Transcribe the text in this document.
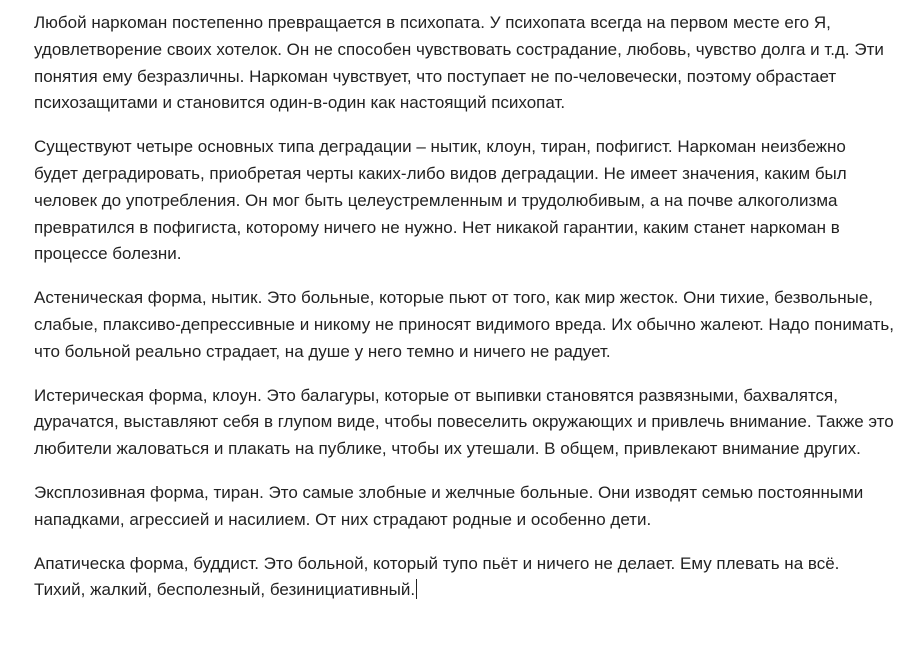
Любой наркоман постепенно превращается в психопата. У психопата всегда на первом месте его Я, удовлетворение своих хотелок. Он не способен чувствовать сострадание, любовь, чувство долга и т.д. Эти понятия ему безразличны. Наркоман чувствует, что поступает не по-человечески, поэтому обрастает психозащитами и становится один-в-один как настоящий психопат.

Существуют четыре основных типа деградации – нытик, клоун, тиран, пофигист. Наркоман неизбежно будет деградировать, приобретая черты каких-либо видов деградации. Не имеет значения, каким был человек до употребления. Он мог быть целеустремленным и трудолюбивым, а на почве алкоголизма превратился в пофигиста, которому ничего не нужно. Нет никакой гарантии, каким станет наркоман в процессе болезни.

Астеническая форма, нытик. Это больные, которые пьют от того, как мир жесток. Они тихие, безвольные, слабые, плаксиво-депрессивные и никому не приносят видимого вреда. Их обычно жалеют. Надо понимать, что больной реально страдает, на душе у него темно и ничего не радует.

Истерическая форма, клоун. Это балагуры, которые от выпивки становятся развязными, бахвалятся, дурачатся, выставляют себя в глупом виде, чтобы повеселить окружающих и привлечь внимание. Также это любители жаловаться и плакать на публике, чтобы их утешали. В общем, привлекают внимание других.

Эксплозивная форма, тиран. Это самые злобные и желчные больные. Они изводят семью постоянными нападками, агрессией и насилием. От них страдают родные и особенно дети.

Апатическа форма, буддист. Это больной, который тупо пьёт и ничего не делает. Ему плевать на всё. Тихий, жалкий, бесполезный, безинициативный.
